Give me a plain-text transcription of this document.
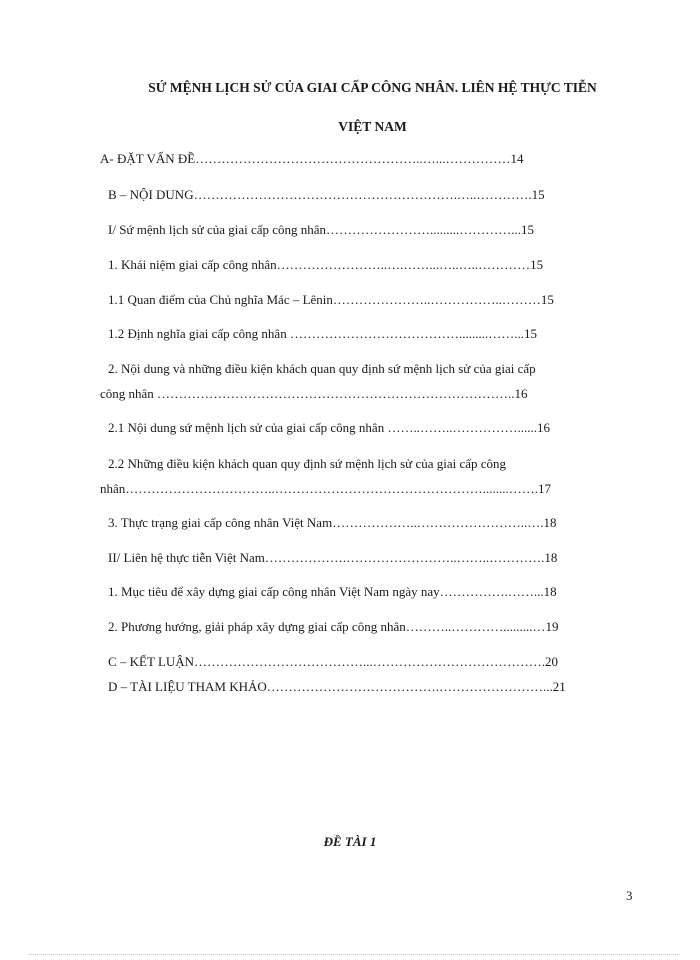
SỨ MỆNH LỊCH SỬ CỦA GIAI CẤP CÔNG NHÂN. LIÊN HỆ THỰC TIỄN
VIỆT NAM
A- ĐẶT VẤN ĐỀ……………………………………………..…...……………14
B – NỘI DUNG…………………………………………………….…..………….15
I/ Sứ mệnh lịch sử của giai cấp công nhân…………………….........…………...15
1. Khái niệm giai cấp công nhân……………………..….……...…..…..…………15
1.1 Quan điểm của Chủ nghĩa Mác – Lênin…………………..……………..………15
1.2 Định nghĩa giai cấp công nhân ………………………………….........……...15
2. Nội dung và những điều kiện khách quan quy định sứ mệnh lịch sử của giai cấp
công nhân ………………………………………………………………………..16
2.1 Nội dung sứ mệnh lịch sử của giai cấp công nhân ……..……..……………......16
2.2 Những điều kiện khách quan quy định sứ mệnh lịch sử của giai cấp công
nhân……………………………..…………………………………………........…….17
3. Thực trạng giai cấp công nhân Việt Nam………………..……………………..….18
II/ Liên hệ thực tiễn Việt Nam……………….……………………..……..………….18
1. Mục tiêu để xây dựng giai cấp công nhân Việt Nam ngày nay…………….……...18
2. Phương hướng, giải pháp xây dựng giai cấp công nhân………..………….........…19
C – KẾT LUẬN…………………………………...………………………………….20
D – TÀI LIỆU THAM KHẢO………………………………….……………………...21
ĐỀ TÀI 1
3
